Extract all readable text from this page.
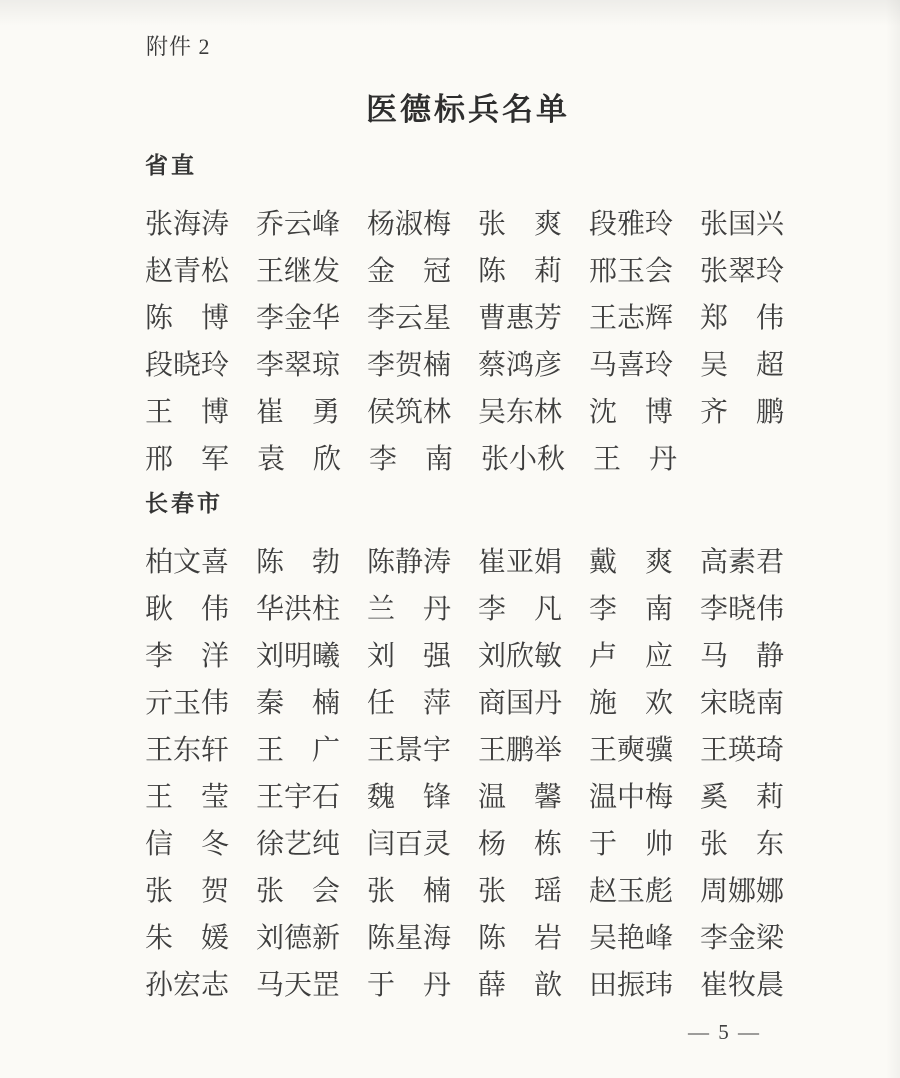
附件 2
医德标兵名单
省直
张海涛 乔云峰 杨淑梅 张　爽 段雅玲 张国兴
赵青松 王继发 金　冠 陈　莉 邢玉会 张翠玲
陈　博 李金华 李云星 曹惠芳 王志辉 郑　伟
段晓玲 李翠琼 李贺楠 蔡鸿彦 马喜玲 吴　超
王　博 崔　勇 侯筑林 吴东林 沈　博 齐　鹏
邢　军 袁　欣 李　南 张小秋 王　丹
长春市
柏文喜 陈　勃 陈静涛 崔亚娟 戴　爽 高素君
耿　伟 华洪柱 兰　丹 李　凡 李　南 李晓伟
李　洋 刘明曦 刘　强 刘欣敏 卢　应 马　静
亓玉伟 秦　楠 任　萍 商国丹 施　欢 宋晓南
王东轩 王　广 王景宇 王鹏举 王奭骥 王瑛琦
王　莹 王宇石 魏　锋 温　馨 温中梅 奚　莉
信　冬 徐艺纯 闫百灵 杨　栋 于　帅 张　东
张　贺 张　会 张　楠 张　瑶 赵玉彪 周娜娜
朱　媛 刘德新 陈星海 陈　岩 吴艳峰 李金梁
孙宏志 马天罡 于　丹 薛　歆 田振玮 崔牧晨
— 5 —
